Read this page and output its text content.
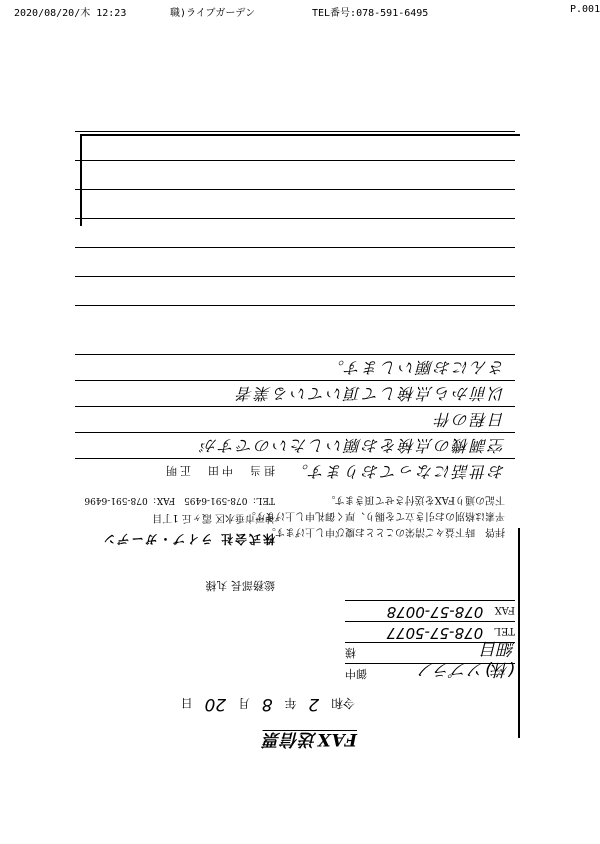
2020/08/20/木 12:23	職)ライブガーデン	TEL番号:078-591-6495	P.001
FAX送信票
令和 2 年 8 月 20 日
(株)ソプラノ
御中
細目
様
TEL 078-57-5077
FAX 078-57-0078
総務部長 丸様
株式会社 ライブ・ガーデン
神戸市垂水区 霞ヶ丘 1丁目
TEL：078-591-6495　FAX：078-591-6496
担当　中田　正明
拝啓　時下益々ご清栄のこととお慶び申し上げます。
平素は格別のお引き立てを賜り、厚く御礼申し上げます。
下記の通りFAXを送付させて頂きます。
お世話になっております。
空調機の点検をお願いしたいのですが
日程の件
以前から点検して頂いている業者
さんにお願いします。
